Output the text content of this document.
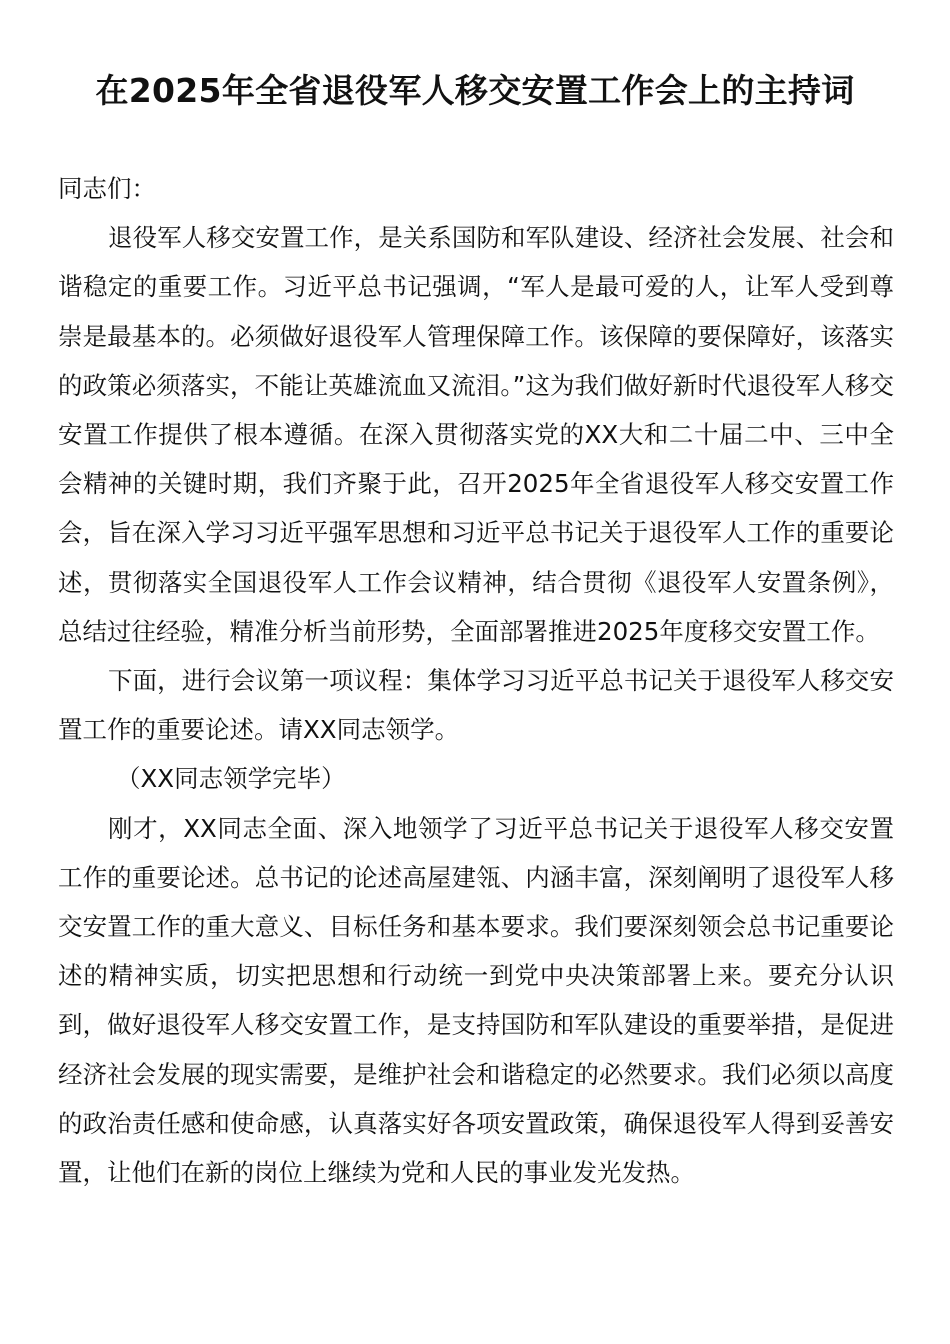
在2025年全省退役军人移交安置工作会上的主持词

同志们：

退役军人移交安置工作，是关系国防和军队建设、经济社会发展、社会和谐稳定的重要工作。习近平总书记强调，“军人是最可爱的人，让军人受到尊崇是最基本的。必须做好退役军人管理保障工作。该保障的要保障好，该落实的政策必须落实，不能让英雄流血又流泪。”这为我们做好新时代退役军人移交安置工作提供了根本遵循。在深入贯彻落实党的XX大和二十届二中、三中全会精神的关键时期，我们齐聚于此，召开2025年全省退役军人移交安置工作会，旨在深入学习习近平强军思想和习近平总书记关于退役军人工作的重要论述，贯彻落实全国退役军人工作会议精神，结合贯彻《退役军人安置条例》，总结过往经验，精准分析当前形势，全面部署推进2025年度移交安置工作。

下面，进行会议第一项议程：集体学习习近平总书记关于退役军人移交安置工作的重要论述。请XX同志领学。

（XX同志领学完毕）

刚才，XX同志全面、深入地领学了习近平总书记关于退役军人移交安置工作的重要论述。总书记的论述高屋建瓴、内涵丰富，深刻阐明了退役军人移交安置工作的重大意义、目标任务和基本要求。我们要深刻领会总书记重要论述的精神实质，切实把思想和行动统一到党中央决策部署上来。要充分认识到，做好退役军人移交安置工作，是支持国防和军队建设的重要举措，是促进经济社会发展的现实需要，是维护社会和谐稳定的必然要求。我们必须以高度的政治责任感和使命感，认真落实好各项安置政策，确保退役军人得到妥善安置，让他们在新的岗位上继续为党和人民的事业发光发热。
